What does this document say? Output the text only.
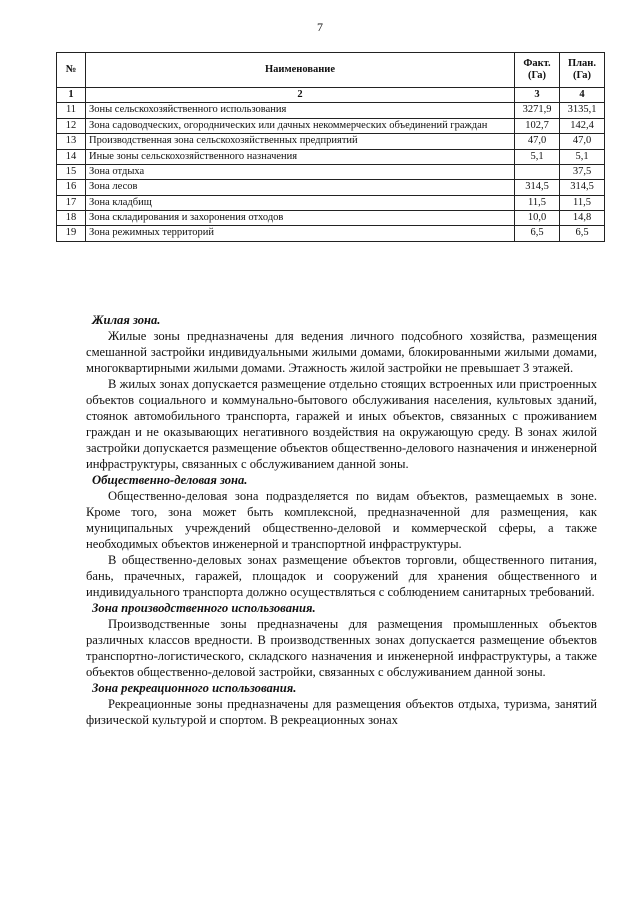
7
№	Наименование	Факт. (Га)	План. (Га)
1	2	3	4
11	Зоны сельскохозяйственного использования	3271,9	3135,1
12	Зона садоводческих, огороднических или дачных некоммерческих объединений граждан	102,7	142,4
13	Производственная зона сельскохозяйственных предприятий	47,0	47,0
14	Иные зоны сельскохозяйственного назначения	5,1	5,1
15	Зона отдыха		37,5
16	Зона лесов	314,5	314,5
17	Зона кладбищ	11,5	11,5
18	Зона складирования и захоронения отходов	10,0	14,8
19	Зона режимных территорий	6,5	6,5
Жилая зона.

Жилые зоны предназначены для ведения личного подсобного хозяйства, размещения смешанной застройки индивидуальными жилыми домами, блокированными жилыми домами, многоквартирными жилыми домами. Этажность жилой застройки не превышает 3 этажей.

В жилых зонах допускается размещение отдельно стоящих встроенных или пристроенных объектов социального и коммунально-бытового обслуживания населения, культовых зданий, стоянок автомобильного транспорта, гаражей и иных объектов, связанных с проживанием граждан и не оказывающих негативного воздействия на окружающую среду. В зонах жилой застройки допускается размещение объектов общественно-делового назначения и инженерной инфраструктуры, связанных с обслуживанием данной зоны.

Общественно-деловая зона.

Общественно-деловая зона подразделяется по видам объектов, размещаемых в зоне. Кроме того, зона может быть комплексной, предназначенной для размещения, как муниципальных учреждений общественно-деловой и коммерческой сферы, а также необходимых объектов инженерной и транспортной инфраструктуры.

В общественно-деловых зонах размещение объектов торговли, общественного питания, бань, прачечных, гаражей, площадок и сооружений для хранения общественного и индивидуального транспорта должно осуществляться с соблюдением санитарных требований.

Зона производственного использования.

Производственные зоны предназначены для размещения промышленных объектов различных классов вредности. В производственных зонах допускается размещение объектов транспортно-логистического, складского назначения и инженерной инфраструктуры, а также объектов общественно-деловой застройки, связанных с обслуживанием данной зоны.

Зона рекреационного использования.

Рекреационные зоны предназначены для размещения объектов отдыха, туризма, занятий физической культурой и спортом. В рекреационных зонах
